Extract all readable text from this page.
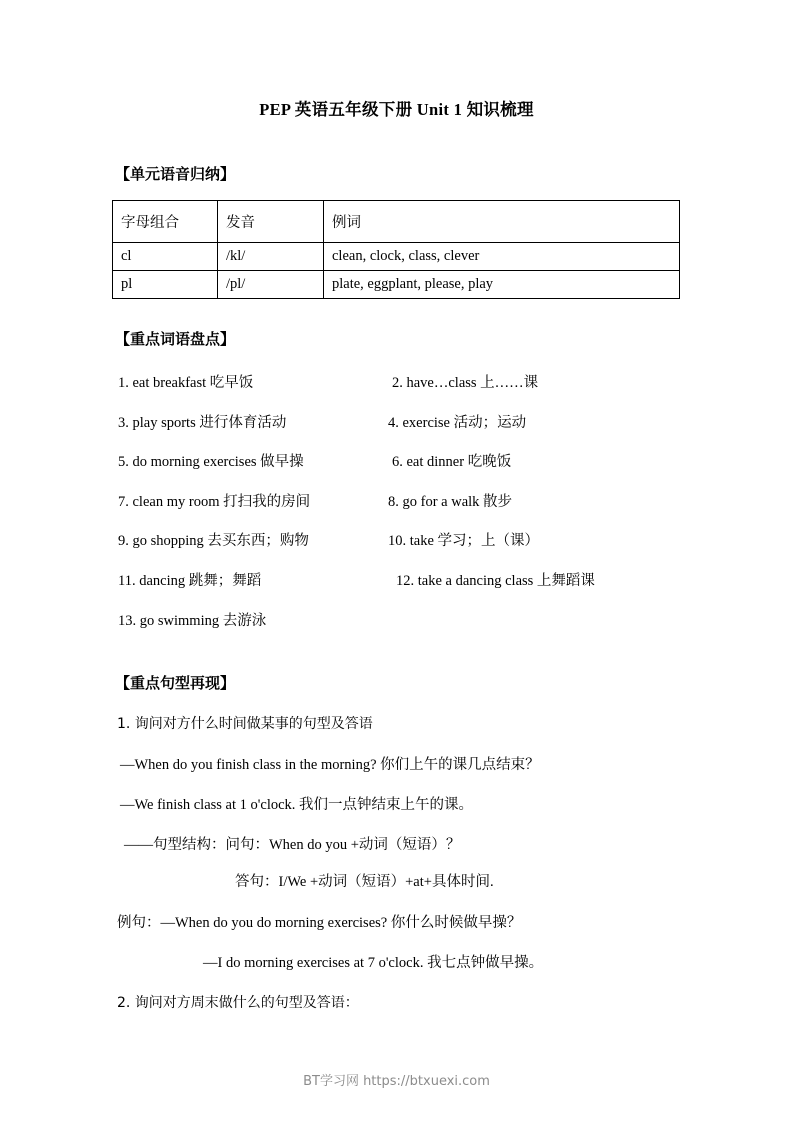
PEP 英语五年级下册 Unit 1 知识梳理
【单元语音归纳】
字母组合	发音	例词
cl	/kl/	clean, clock, class, clever
pl	/pl/	plate, eggplant, please, play
【重点词语盘点】
1. eat breakfast 吃早饭	2. have…class 上……课
3. play sports 进行体育活动	4. exercise 活动；运动
5. do morning exercises 做早操	6. eat dinner 吃晚饭
7. clean my room 打扫我的房间	8. go for a walk 散步
9. go shopping 去买东西；购物	10. take 学习；上（课）
11. dancing 跳舞；舞蹈	12. take a dancing class 上舞蹈课
13. go swimming 去游泳
【重点句型再现】
1. 询问对方什么时间做某事的句型及答语
—When do you finish class in the morning? 你们上午的课几点结束？
—We finish class at 1 o'clock. 我们一点钟结束上午的课。
——句型结构：问句：When do you +动词（短语）？
答句：I/We +动词（短语）+at+具体时间.
例句：—When do you do morning exercises? 你什么时候做早操？
—I do morning exercises at 7 o'clock. 我七点钟做早操。
2. 询问对方周末做什么的句型及答语：
BT学习网 https://btxuexi.com
